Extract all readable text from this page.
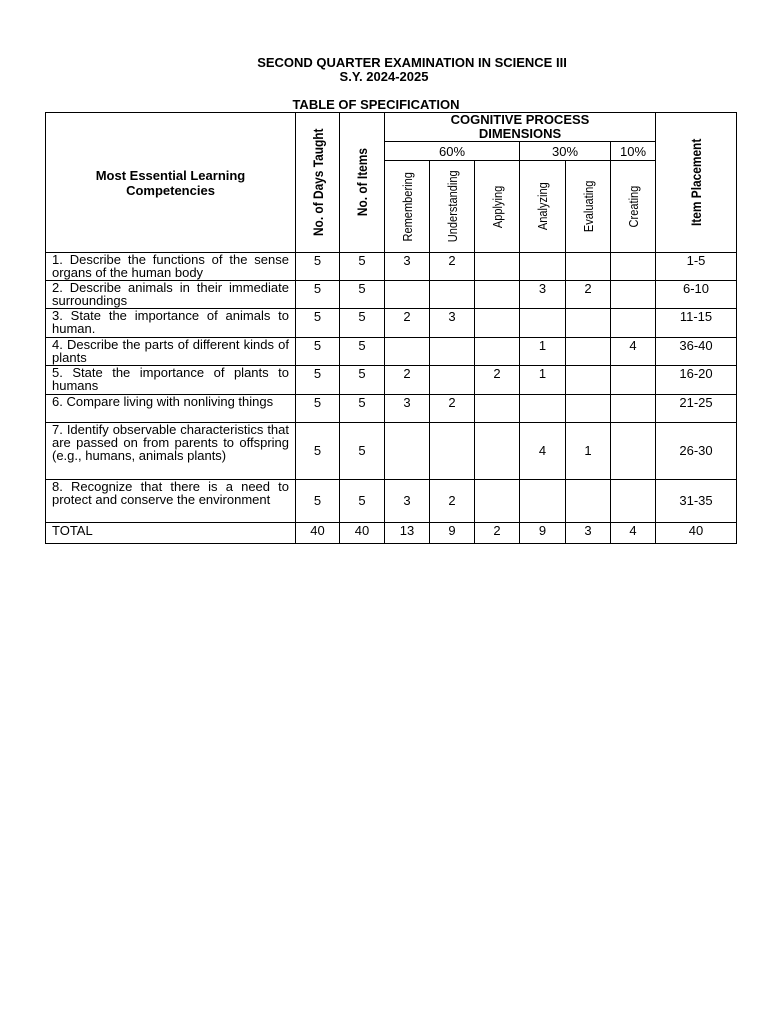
SECOND QUARTER EXAMINATION IN SCIENCE III
S.Y. 2024-2025
TABLE OF SPECIFICATION
Most Essential Learning Competencies	No. of Days Taught	No. of Items	COGNITIVE PROCESS DIMENSIONS						Item Placement

			60%			30%		10%	

			Remembering	Understanding	Applying	Analyzing	Evaluating	Creating	

1. Describe the functions of the sense organs of the human body	5	5	3	2					1-5
2. Describe animals in their immediate surroundings	5	5				3	2		6-10
3. State the importance of animals to human.	5	5	2	3					11-15
4. Describe the parts of different kinds of plants	5	5				1		4	36-40
5. State the importance of plants to humans	5	5	2		2	1			16-20
6. Compare living with nonliving things	5	5	3	2					21-25
7. Identify observable characteristics that are passed on from parents to offspring (e.g., humans, animals plants)	5	5				4	1		26-30
8. Recognize that there is a need to protect and conserve the environment	5	5	3	2					31-35
TOTAL	40	40	13	9	2	9	3	4	40
